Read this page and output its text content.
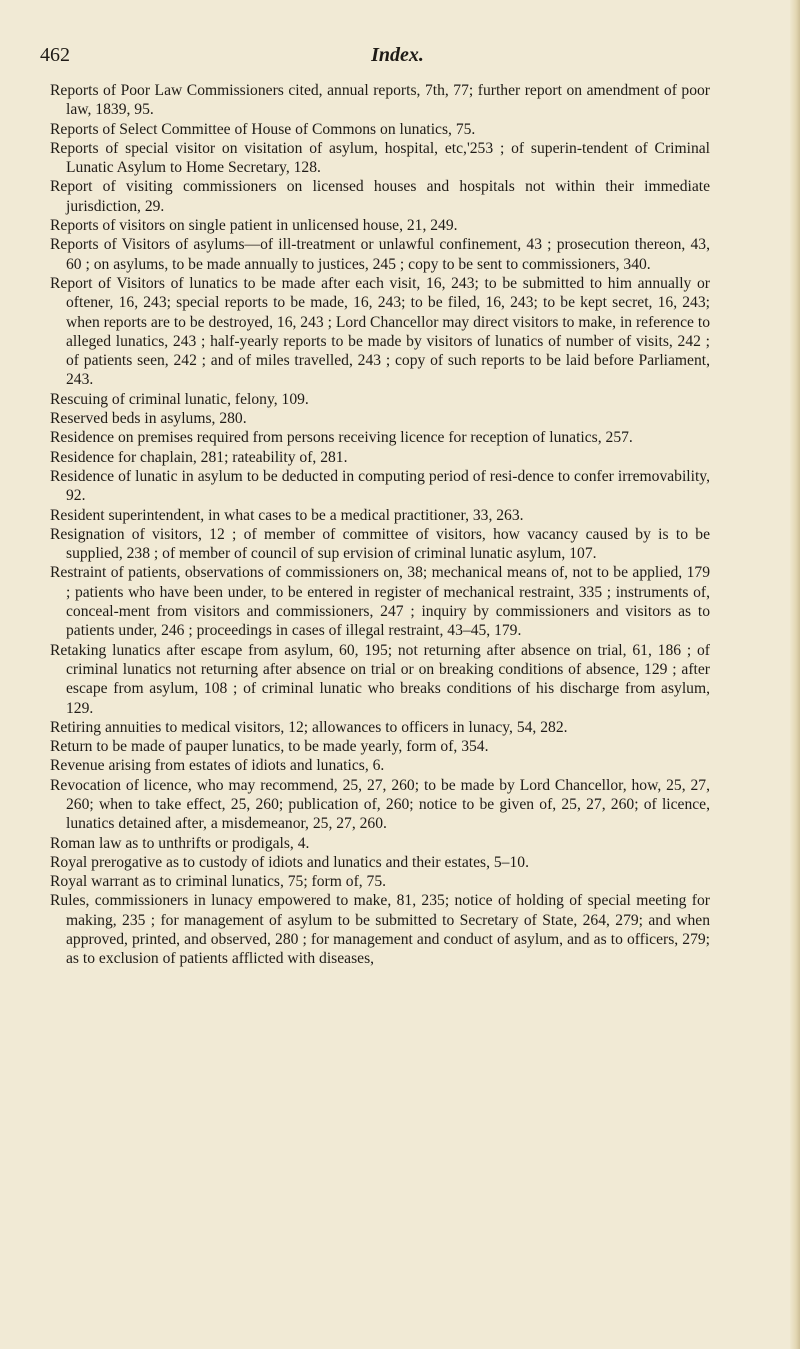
462	Index.

Reports of Poor Law Commissioners cited, annual reports, 7th, 77; further report on amendment of poor law, 1839, 95.

Reports of Select Committee of House of Commons on lunatics, 75.

Reports of special visitor on visitation of asylum, hospital, etc,'253 ; of superin-tendent of Criminal Lunatic Asylum to Home Secretary, 128.

Report of visiting commissioners on licensed houses and hospitals not within their immediate jurisdiction, 29.

Reports of visitors on single patient in unlicensed house, 21, 249.

Reports of Visitors of asylums—of ill-treatment or unlawful confinement, 43 ; prosecution thereon, 43, 60 ; on asylums, to be made annually to justices, 245 ; copy to be sent to commissioners, 340.

Report of Visitors of lunatics to be made after each visit, 16, 243; to be submitted to him annually or oftener, 16, 243; special reports to be made, 16, 243; to be filed, 16, 243; to be kept secret, 16, 243; when reports are to be destroyed, 16, 243 ; Lord Chancellor may direct visitors to make, in reference to alleged lunatics, 243 ; half-yearly reports to be made by visitors of lunatics of number of visits, 242 ; of patients seen, 242 ; and of miles travelled, 243 ; copy of such reports to be laid before Parliament, 243.

Rescuing of criminal lunatic, felony, 109.

Reserved beds in asylums, 280.

Residence on premises required from persons receiving licence for reception of lunatics, 257.

Residence for chaplain, 281; rateability of, 281.

Residence of lunatic in asylum to be deducted in computing period of resi-dence to confer irremovability, 92.

Resident superintendent, in what cases to be a medical practitioner, 33, 263.

Resignation of visitors, 12 ; of member of committee of visitors, how vacancy caused by is to be supplied, 238 ; of member of council of sup ervision of criminal lunatic asylum, 107.

Restraint of patients, observations of commissioners on, 38; mechanical means of, not to be applied, 179 ; patients who have been under, to be entered in register of mechanical restraint, 335 ; instruments of, conceal-ment from visitors and commissioners, 247 ; inquiry by commissioners and visitors as to patients under, 246 ; proceedings in cases of illegal restraint, 43–45, 179.

Retaking lunatics after escape from asylum, 60, 195; not returning after absence on trial, 61, 186 ; of criminal lunatics not returning after absence on trial or on breaking conditions of absence, 129 ; after escape from asylum, 108 ; of criminal lunatic who breaks conditions of his discharge from asylum, 129.

Retiring annuities to medical visitors, 12; allowances to officers in lunacy, 54, 282.

Return to be made of pauper lunatics, to be made yearly, form of, 354.

Revenue arising from estates of idiots and lunatics, 6.

Revocation of licence, who may recommend, 25, 27, 260; to be made by Lord Chancellor, how, 25, 27, 260; when to take effect, 25, 260; publication of, 260; notice to be given of, 25, 27, 260; of licence, lunatics detained after, a misdemeanor, 25, 27, 260.

Roman law as to unthrifts or prodigals, 4.

Royal prerogative as to custody of idiots and lunatics and their estates, 5–10.

Royal warrant as to criminal lunatics, 75; form of, 75.

Rules, commissioners in lunacy empowered to make, 81, 235; notice of holding of special meeting for making, 235 ; for management of asylum to be submitted to Secretary of State, 264, 279; and when approved, printed, and observed, 280 ; for management and conduct of asylum, and as to officers, 279; as to exclusion of patients afflicted with diseases,
